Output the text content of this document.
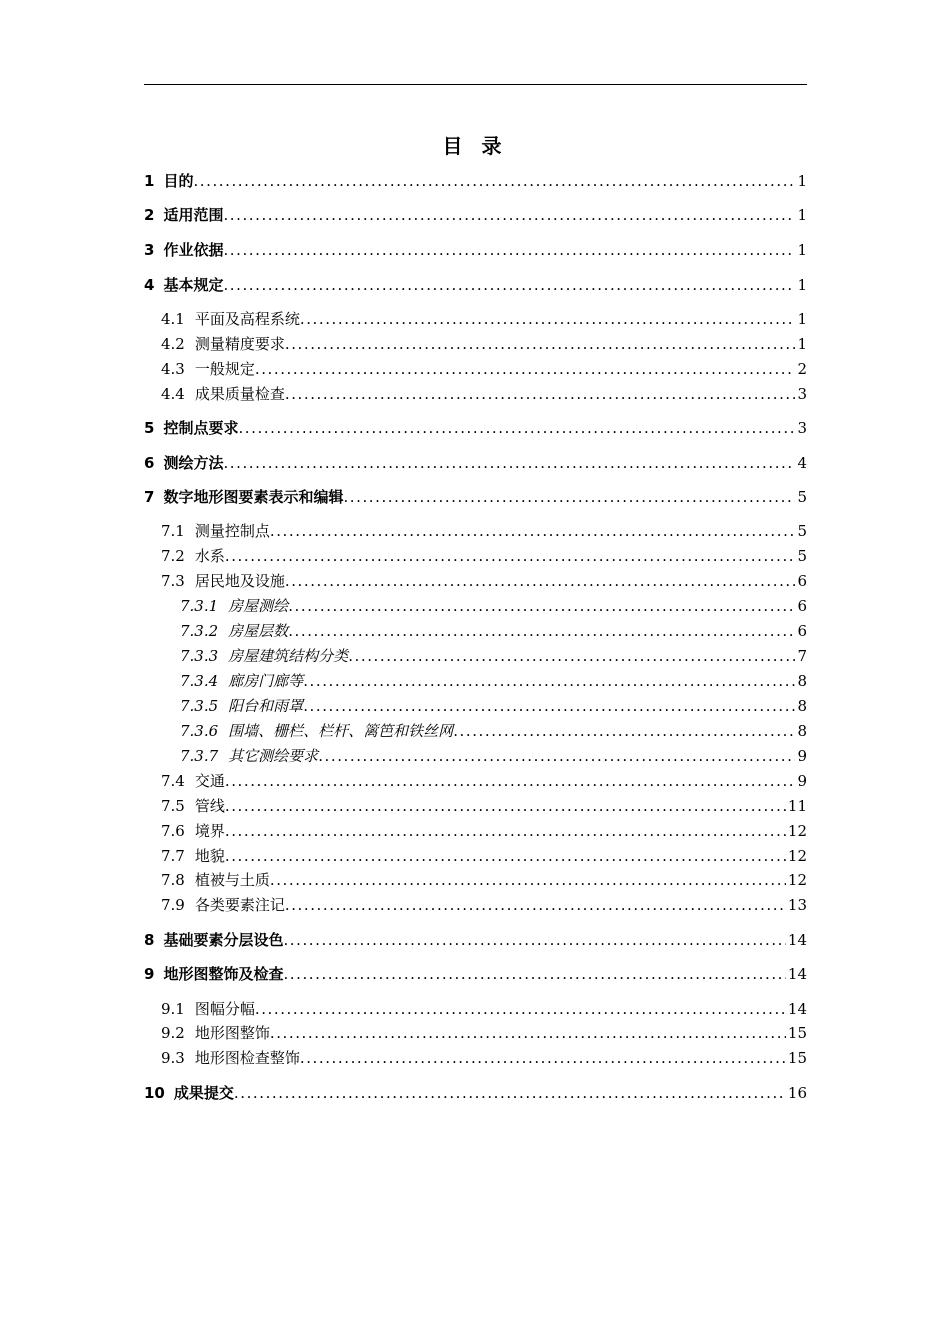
目 录
1 目的 . . .	1
2 适用范围 . . .	1
3 作业依据 . . .	1
4 基本规定 . . .	1
4.1 平面及高程系统 . . .	1
4.2 测量精度要求 . . .	1
4.3 一般规定 . . .	2
4.4 成果质量检查 . . .	3
5 控制点要求 . . .	3
6 测绘方法 . . .	4
7 数字地形图要素表示和编辑 . . .	5
7.1 测量控制点 . . .	5
7.2 水系 . . .	5
7.3 居民地及设施 . . .	6
7.3.1 房屋测绘 . . .	6
7.3.2 房屋层数 . . .	6
7.3.3 房屋建筑结构分类 . . .	7
7.3.4 廊房门廊等 . . .	8
7.3.5 阳台和雨罩 . . .	8
7.3.6 围墙、栅栏、栏杆、篱笆和铁丝网 . . .	8
7.3.7 其它测绘要求 . . .	9
7.4 交通 . . .	9
7.5 管线 . . .	11
7.6 境界 . . .	12
7.7 地貌 . . .	12
7.8 植被与土质 . . .	12
7.9 各类要素注记 . . .	13
8 基础要素分层设色 . . .	14
9 地形图整饰及检查 . . .	14
9.1 图幅分幅 . . .	14
9.2 地形图整饰 . . .	15
9.3 地形图检查整饰 . . .	15
10 成果提交 . . .	16
